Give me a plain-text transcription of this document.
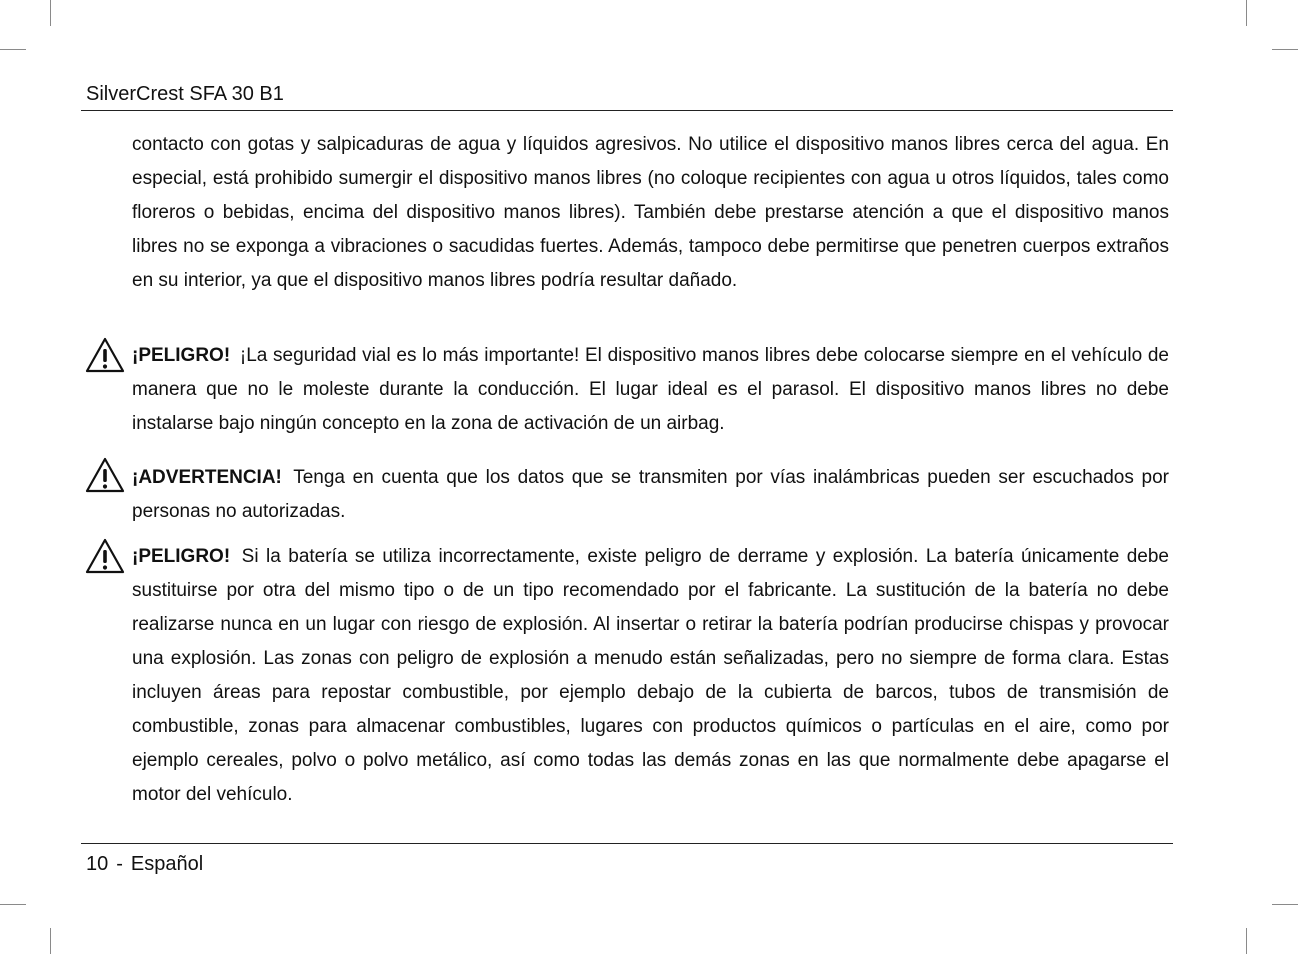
SilverCrest SFA 30 B1
contacto con gotas y salpicaduras de agua y líquidos agresivos. No utilice el dispositivo manos libres cerca del agua. En especial, está prohibido sumergir el dispositivo manos libres (no coloque recipientes con agua u otros líquidos, tales como floreros o bebidas, encima del dispositivo manos libres). También debe prestarse atención a que el dispositivo manos libres no se exponga a vibraciones o sacudidas fuertes. Además, tampoco debe permitirse que penetren cuerpos extraños en su interior, ya que el dispositivo manos libres podría resultar dañado.
¡PELIGRO! ¡La seguridad vial es lo más importante! El dispositivo manos libres debe colocarse siempre en el vehículo de manera que no le moleste durante la conducción. El lugar ideal es el parasol. El dispositivo manos libres no debe instalarse bajo ningún concepto en la zona de activación de un airbag.
¡ADVERTENCIA! Tenga en cuenta que los datos que se transmiten por vías inalámbricas pueden ser escuchados por personas no autorizadas.
¡PELIGRO! Si la batería se utiliza incorrectamente, existe peligro de derrame y explosión. La batería únicamente debe sustituirse por otra del mismo tipo o de un tipo recomendado por el fabricante. La sustitución de la batería no debe realizarse nunca en un lugar con riesgo de explosión. Al insertar o retirar la batería podrían producirse chispas y provocar una explosión. Las zonas con peligro de explosión a menudo están señalizadas, pero no siempre de forma clara. Estas incluyen áreas para repostar combustible, por ejemplo debajo de la cubierta de barcos, tubos de transmisión de combustible, zonas para almacenar combustibles, lugares con productos químicos o partículas en el aire, como por ejemplo cereales, polvo o polvo metálico, así como todas las demás zonas en las que normalmente debe apagarse el motor del vehículo.
10 - Español
